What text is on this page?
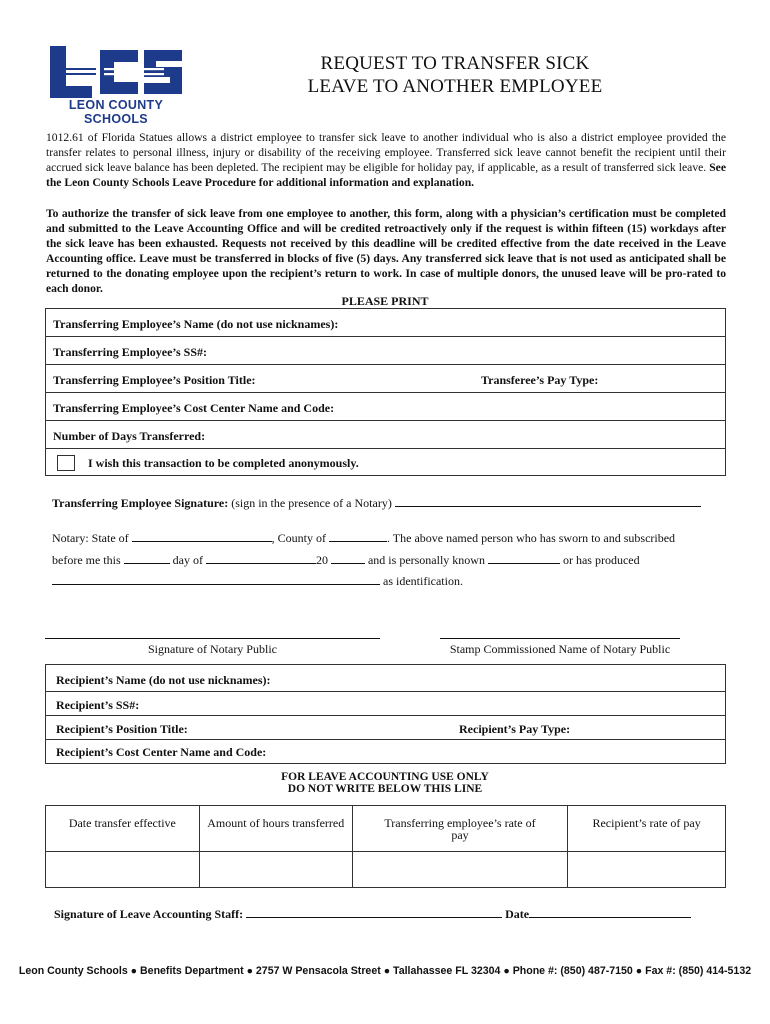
LEON COUNTY SCHOOLS
REQUEST TO TRANSFER SICK
LEAVE TO ANOTHER EMPLOYEE
1012.61 of Florida Statues allows a district employee to transfer sick leave to another individual who is also a district employee provided the transfer relates to personal illness, injury or disability of the receiving employee. Transferred sick leave cannot benefit the recipient until their accrued sick leave balance has been depleted. The recipient may be eligible for holiday pay, if applicable, as a result of transferred sick leave. See the Leon County Schools Leave Procedure for additional information and explanation.
To authorize the transfer of sick leave from one employee to another, this form, along with a physician’s certification must be completed and submitted to the Leave Accounting Office and will be credited retroactively only if the request is within fifteen (15) workdays after the sick leave has been exhausted. Requests not received by this deadline will be credited effective from the date received in the Leave Accounting office. Leave must be transferred in blocks of five (5) days. Any transferred sick leave that is not used as anticipated shall be returned to the donating employee upon the recipient’s return to work. In case of multiple donors, the unused leave will be pro-rated to each donor.
PLEASE PRINT
Transferring Employee’s Name (do not use nicknames):
Transferring Employee’s SS#:
Transferring Employee’s Position Title:	Transferee’s Pay Type:
Transferring Employee’s Cost Center Name and Code:
Number of Days Transferred:
I wish this transaction to be completed anonymously.
Transferring Employee Signature: (sign in the presence of a Notary)
Notary: State of	, County of	. The above named person who has sworn to and subscribed
before me this	day of	20	and is personally known	or has produced
as identification.
Signature of Notary Public	Stamp Commissioned Name of Notary Public
Recipient’s Name (do not use nicknames):
Recipient’s SS#:
Recipient’s Position Title:	Recipient’s Pay Type:
Recipient’s Cost Center Name and Code:
FOR LEAVE ACCOUNTING USE ONLY
DO NOT WRITE BELOW THIS LINE
Date transfer effective	Amount of hours transferred	Transferring employee’s rate of pay	Recipient’s rate of pay

Signature of Leave Accounting Staff:	Date
Leon County Schools ● Benefits Department ● 2757 W Pensacola Street ● Tallahassee FL 32304 ● Phone #: (850) 487-7150 ● Fax #: (850) 414-5132
